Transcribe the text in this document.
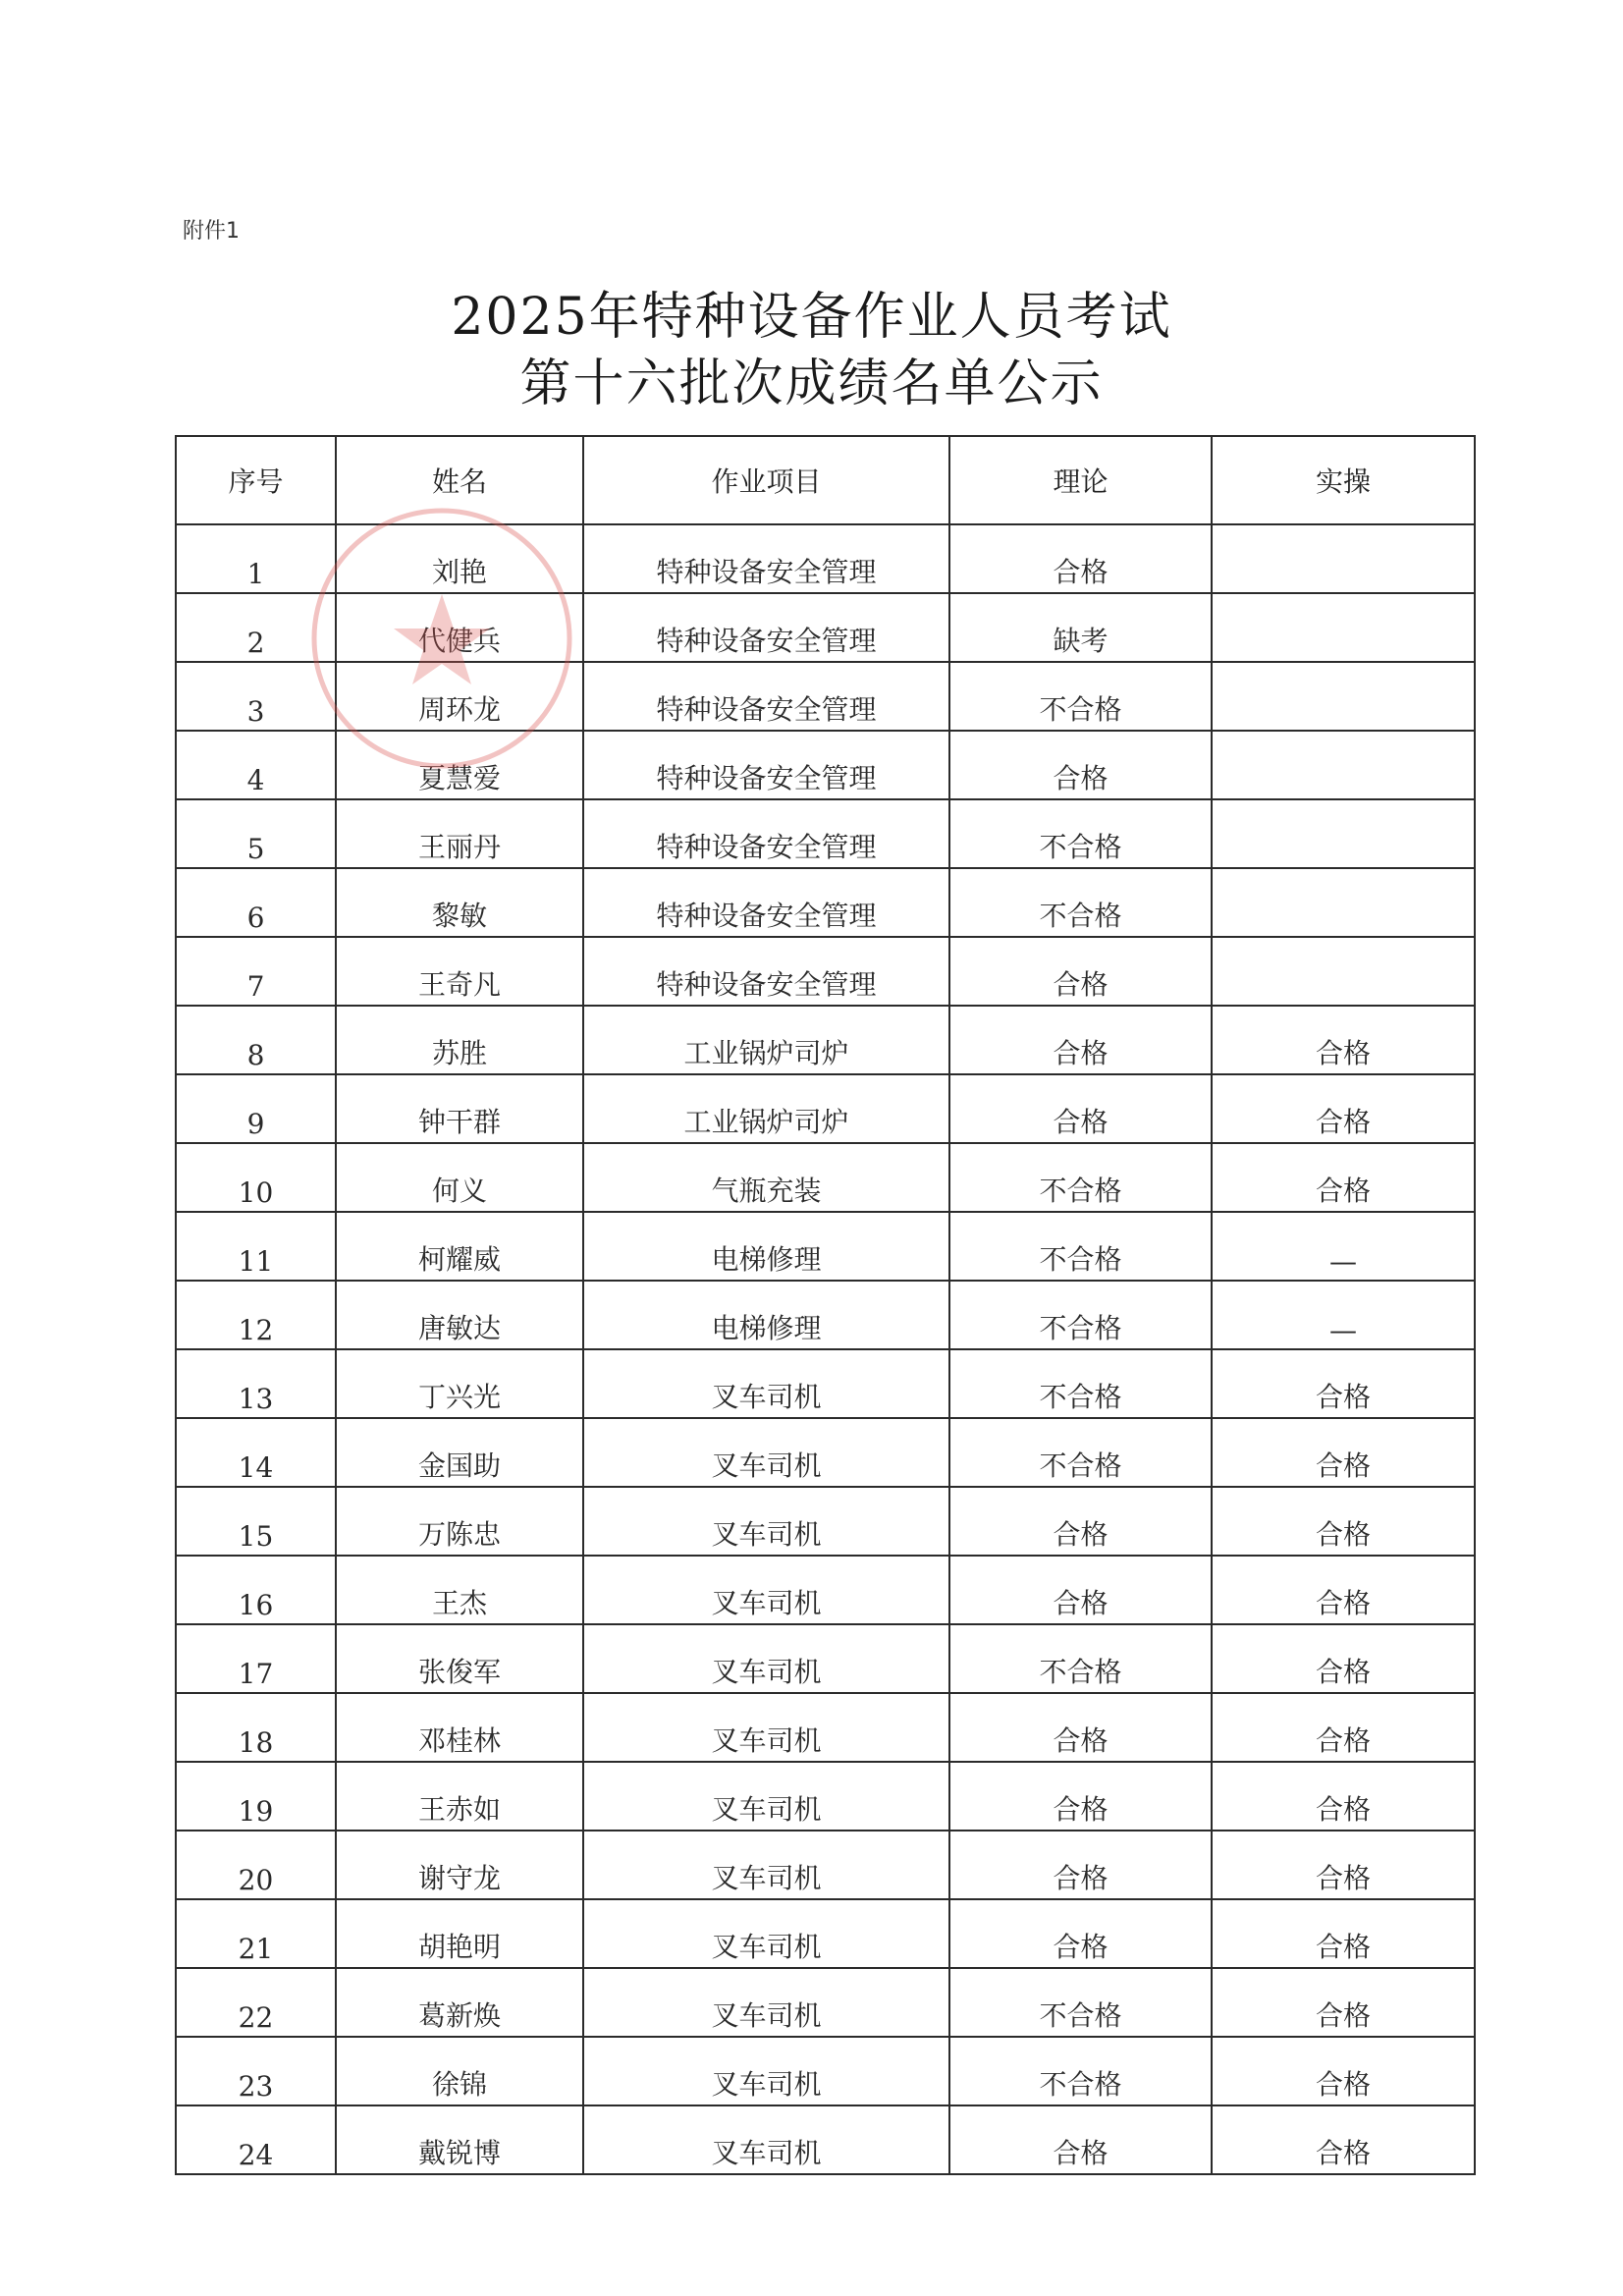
附件1
2025年特种设备作业人员考试
第十六批次成绩名单公示
序号	姓名	作业项目	理论	实操
1	刘艳	特种设备安全管理	合格	
2	代健兵	特种设备安全管理	缺考	
3	周环龙	特种设备安全管理	不合格	
4	夏慧爱	特种设备安全管理	合格	
5	王丽丹	特种设备安全管理	不合格	
6	黎敏	特种设备安全管理	不合格	
7	王奇凡	特种设备安全管理	合格	
8	苏胜	工业锅炉司炉	合格	合格
9	钟干群	工业锅炉司炉	合格	合格
10	何义	气瓶充装	不合格	合格
11	柯耀威	电梯修理	不合格	—
12	唐敏达	电梯修理	不合格	—
13	丁兴光	叉车司机	不合格	合格
14	金国助	叉车司机	不合格	合格
15	万陈忠	叉车司机	合格	合格
16	王杰	叉车司机	合格	合格
17	张俊军	叉车司机	不合格	合格
18	邓桂林	叉车司机	合格	合格
19	王赤如	叉车司机	合格	合格
20	谢守龙	叉车司机	合格	合格
21	胡艳明	叉车司机	合格	合格
22	葛新焕	叉车司机	不合格	合格
23	徐锦	叉车司机	不合格	合格
24	戴锐博	叉车司机	合格	合格
